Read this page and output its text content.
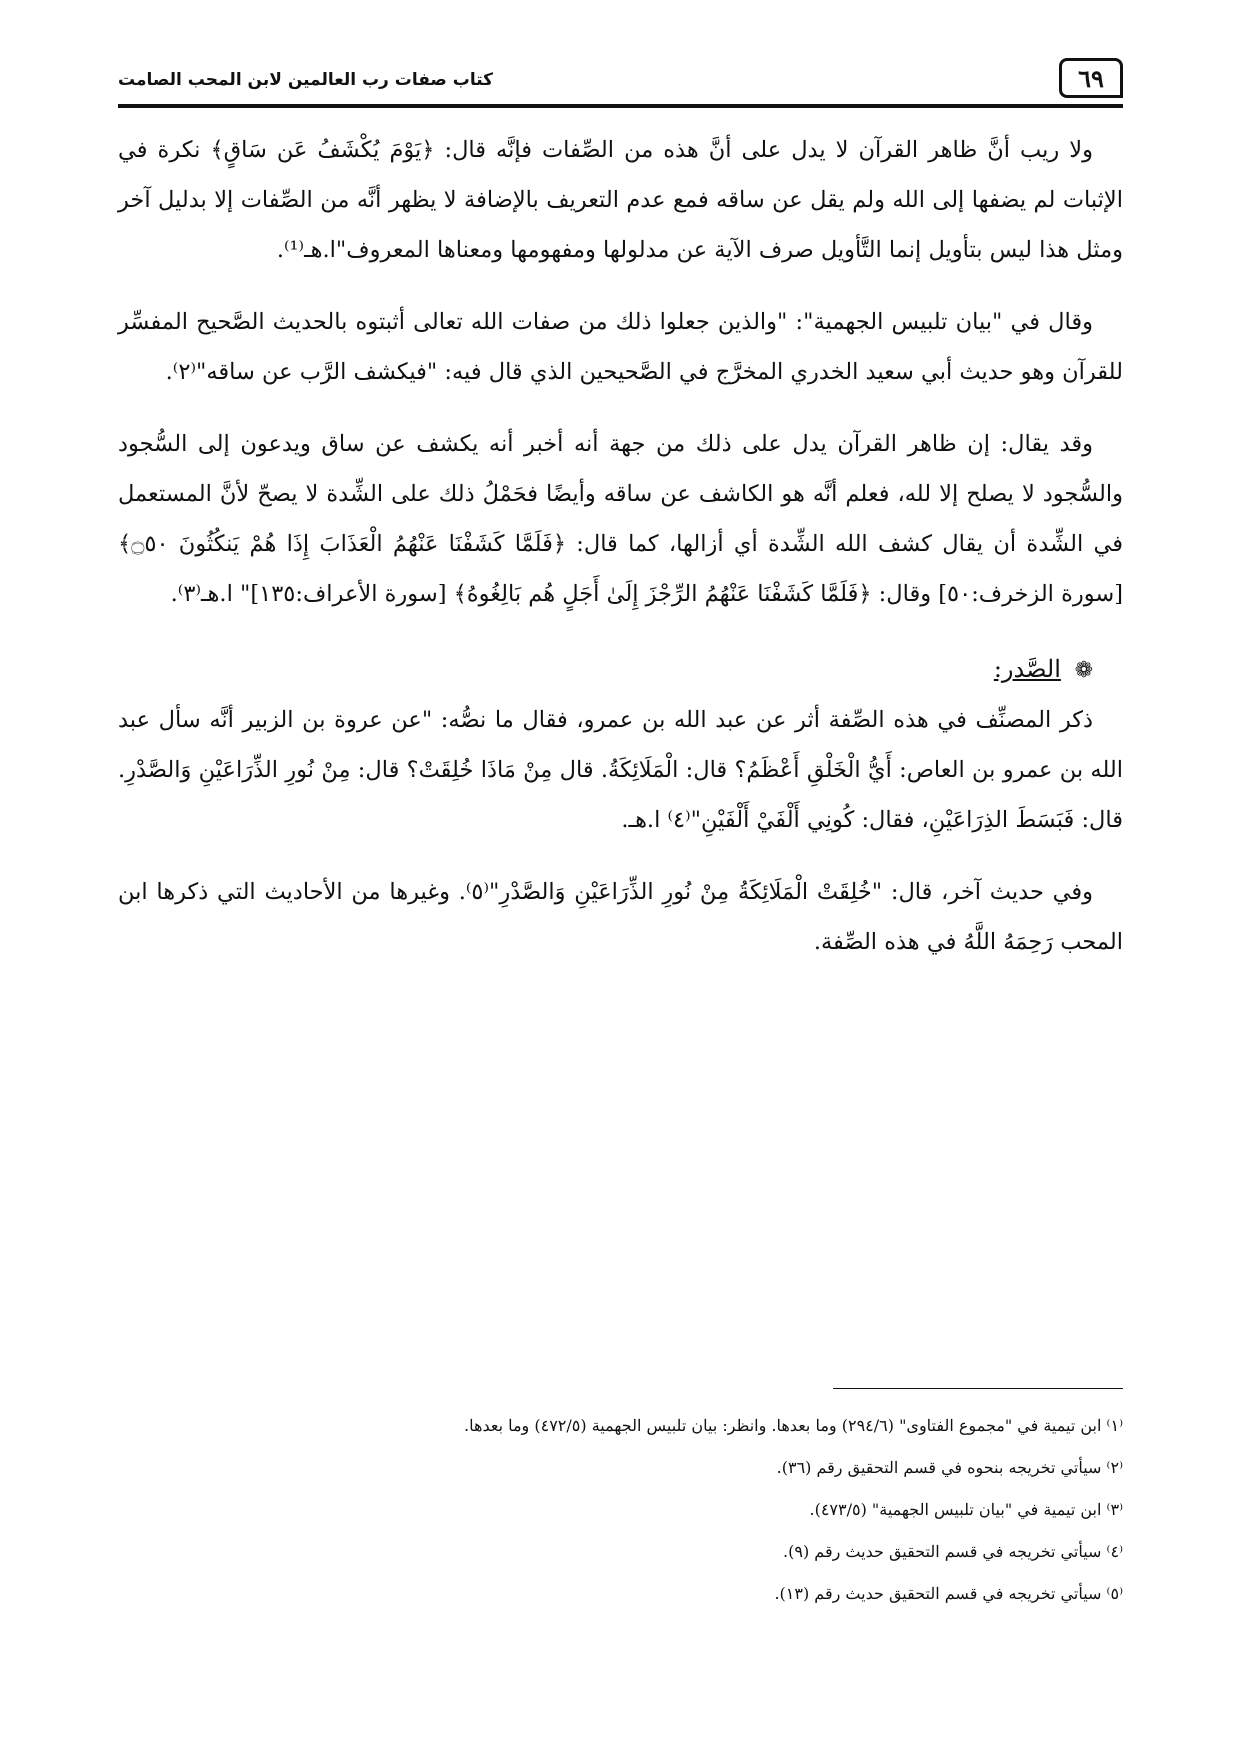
٦٩
كتاب صفات رب العالمين لابن المحب الصامت

ولا ريب أنَّ ظاهر القرآن لا يدل على أنَّ هذه من الصِّفات فإنَّه قال: ﴿يَوْمَ يُكْشَفُ عَن سَاقٍ﴾ نكرة في الإثبات لم يضفها إلى الله ولم يقل عن ساقه فمع عدم التعريف بالإضافة لا يظهر أنَّه من الصِّفات إلا بدليل آخر ومثل هذا ليس بتأويل إنما التَّأويل صرف الآية عن مدلولها ومفهومها ومعناها المعروف"ا.هـ⁽¹⁾.

وقال في "بيان تلبيس الجهمية": "والذين جعلوا ذلك من صفات الله تعالى أثبتوه بالحديث الصَّحيح المفسِّر للقرآن وهو حديث أبي سعيد الخدري المخرَّج في الصَّحيحين الذي قال فيه: "فيكشف الرَّب عن ساقه"⁽٢⁾.

وقد يقال: إن ظاهر القرآن يدل على ذلك من جهة أنه أخبر أنه يكشف عن ساق ويدعون إلى السُّجود والسُّجود لا يصلح إلا لله، فعلم أنَّه هو الكاشف عن ساقه وأيضًا فحَمْلُ ذلك على الشِّدة لا يصحّ لأنَّ المستعمل في الشِّدة أن يقال كشف الله الشِّدة أي أزالها، كما قال: ﴿فَلَمَّا كَشَفْنَا عَنْهُمُ الْعَذَابَ إِذَا هُمْ يَنكُثُونَ ۝٥٠﴾ [سورة الزخرف:٥٠] وقال: ﴿فَلَمَّا كَشَفْنَا عَنْهُمُ الرِّجْزَ إِلَىٰ أَجَلٍ هُم بَالِغُوهُ﴾ [سورة الأعراف:١٣٥]" ا.هـ⁽٣⁾.

❁ الصَّدر:

ذكر المصنِّف في هذه الصِّفة أثر عن عبد الله بن عمرو، فقال ما نصُّه: "عن عروة بن الزبير أنَّه سأل عبد الله بن عمرو بن العاص: أَيُّ الْخَلْقِ أَعْظَمُ؟ قال: الْمَلَائِكَةُ. قال مِنْ مَاذَا خُلِقَتْ؟ قال: مِنْ نُورِ الذِّرَاعَيْنِ وَالصَّدْرِ. قال: فَبَسَطَ الذِرَاعَيْنِ، فقال: كُونِي أَلْفَيْ أَلْفَيْنِ"⁽٤⁾ ا.هـ.

وفي حديث آخر، قال: "خُلِقَتْ الْمَلَائِكَةُ مِنْ نُورِ الذِّرَاعَيْنِ وَالصَّدْرِ"⁽٥⁾. وغيرها من الأحاديث التي ذكرها ابن المحب رَحِمَهُ اللَّهُ في هذه الصِّفة.

⁽١⁾ ابن تيمية في "مجموع الفتاوى" (٢٩٤/٦) وما بعدها. وانظر: بيان تلبيس الجهمية (٤٧٢/٥) وما بعدها.

⁽٢⁾ سيأتي تخريجه بنحوه في قسم التحقيق رقم (٣٦).

⁽٣⁾ ابن تيمية في "بيان تلبيس الجهمية" (٤٧٣/٥).

⁽٤⁾ سيأتي تخريجه في قسم التحقيق حديث رقم (٩).

⁽٥⁾ سيأتي تخريجه في قسم التحقيق حديث رقم (١٣).
